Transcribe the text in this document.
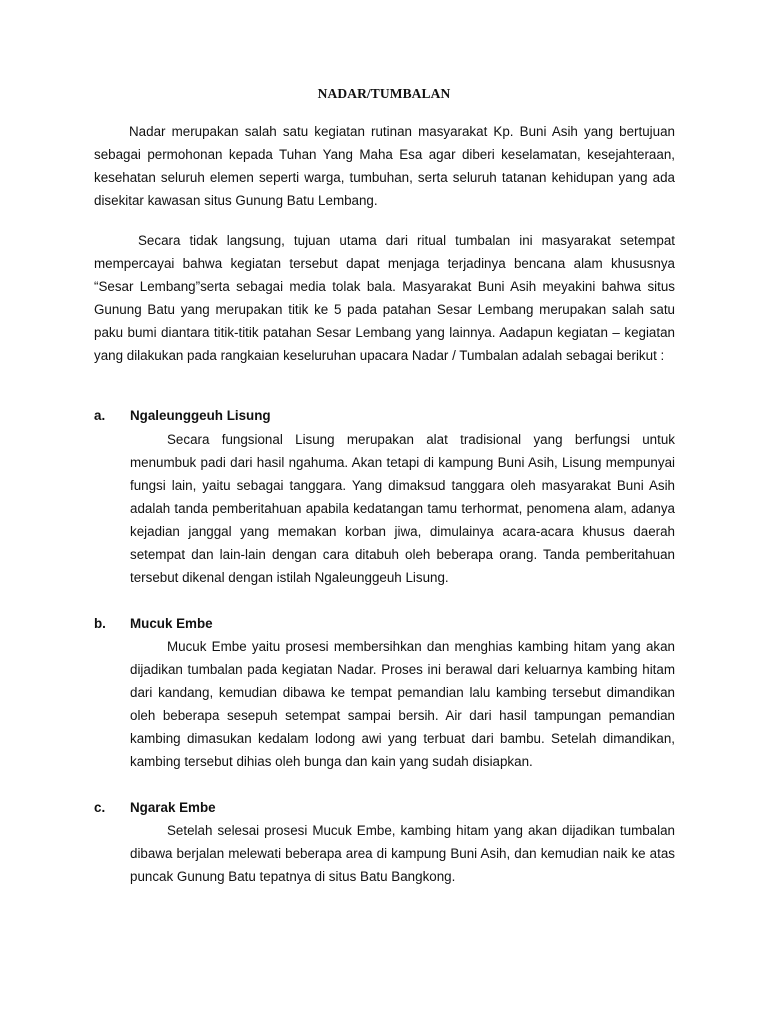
NADAR/TUMBALAN

Nadar merupakan salah satu kegiatan rutinan masyarakat Kp. Buni Asih yang bertujuan sebagai permohonan kepada Tuhan Yang Maha Esa agar diberi keselamatan, kesejahteraan, kesehatan seluruh elemen seperti warga, tumbuhan, serta seluruh tatanan kehidupan yang ada disekitar kawasan situs Gunung Batu Lembang.

Secara tidak langsung, tujuan utama dari ritual tumbalan ini masyarakat setempat mempercayai bahwa kegiatan tersebut dapat menjaga terjadinya bencana alam khususnya “Sesar Lembang”serta sebagai media tolak bala. Masyarakat Buni Asih meyakini bahwa situs Gunung Batu yang merupakan titik ke 5 pada patahan Sesar Lembang merupakan salah satu paku bumi diantara titik-titik patahan Sesar Lembang yang lainnya. Aadapun kegiatan – kegiatan yang dilakukan pada rangkaian keseluruhan upacara Nadar / Tumbalan adalah sebagai berikut :

a. Ngaleunggeuh Lisung

Secara fungsional Lisung merupakan alat tradisional yang berfungsi untuk menumbuk padi dari hasil ngahuma. Akan tetapi di kampung Buni Asih, Lisung mempunyai fungsi lain, yaitu sebagai tanggara. Yang dimaksud tanggara oleh masyarakat Buni Asih adalah tanda pemberitahuan apabila kedatangan tamu terhormat, penomena alam, adanya kejadian janggal yang memakan korban jiwa, dimulainya acara-acara khusus daerah setempat dan lain-lain dengan cara ditabuh oleh beberapa orang. Tanda pemberitahuan tersebut dikenal dengan istilah Ngaleunggeuh Lisung.

b. Mucuk Embe

Mucuk Embe yaitu prosesi membersihkan dan menghias kambing hitam yang akan dijadikan tumbalan pada kegiatan Nadar. Proses ini berawal dari keluarnya kambing hitam dari kandang, kemudian dibawa ke tempat pemandian lalu kambing tersebut dimandikan oleh beberapa sesepuh setempat sampai bersih. Air dari hasil tampungan pemandian kambing dimasukan kedalam lodong awi yang terbuat dari bambu. Setelah dimandikan, kambing tersebut dihias oleh bunga dan kain yang sudah disiapkan.

c. Ngarak Embe

Setelah selesai prosesi Mucuk Embe, kambing hitam yang akan dijadikan tumbalan dibawa berjalan melewati beberapa area di kampung Buni Asih, dan kemudian naik ke atas puncak Gunung Batu tepatnya di situs Batu Bangkong.
